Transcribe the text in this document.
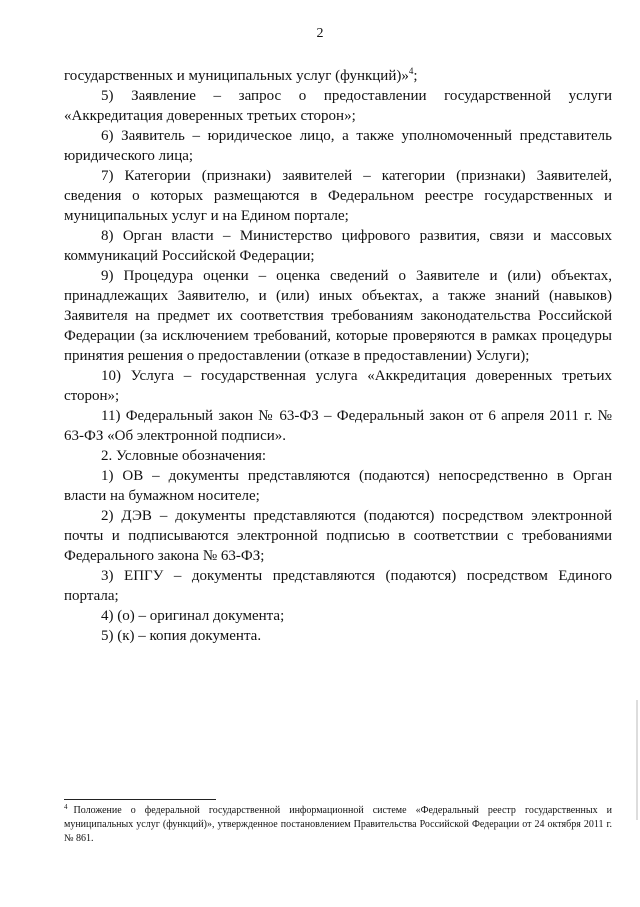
2

государственных и муниципальных услуг (функций)»$^4$;

5) Заявление – запрос о предоставлении государственной услуги «Аккредитация доверенных третьих сторон»;

6) Заявитель – юридическое лицо, а также уполномоченный представитель юридического лица;

7) Категории (признаки) заявителей – категории (признаки) Заявителей, сведения о которых размещаются в Федеральном реестре государственных и муниципальных услуг и на Едином портале;

8) Орган власти – Министерство цифрового развития, связи и массовых коммуникаций Российской Федерации;

9) Процедура оценки – оценка сведений о Заявителе и (или) объектах, принадлежащих Заявителю, и (или) иных объектах, а также знаний (навыков) Заявителя на предмет их соответствия требованиям законодательства Российской Федерации (за исключением требований, которые проверяются в рамках процедуры принятия решения о предоставлении (отказе в предоставлении) Услуги);

10) Услуга – государственная услуга «Аккредитация доверенных третьих сторон»;

11) Федеральный закон № 63-ФЗ – Федеральный закон от 6 апреля 2011 г. № 63-ФЗ «Об электронной подписи».

2. Условные обозначения:

1) ОВ – документы представляются (подаются) непосредственно в Орган власти на бумажном носителе;

2) ДЭВ – документы представляются (подаются) посредством электронной почты и подписываются электронной подписью в соответствии с требованиями Федерального закона № 63-ФЗ;

3) ЕПГУ – документы представляются (подаются) посредством Единого портала;

4) (о) – оригинал документа;

5) (к) – копия документа.

$^4$ Положение о федеральной государственной информационной системе «Федеральный реестр государственных и муниципальных услуг (функций)», утвержденное постановлением Правительства Российской Федерации от 24 октября 2011 г. № 861.
